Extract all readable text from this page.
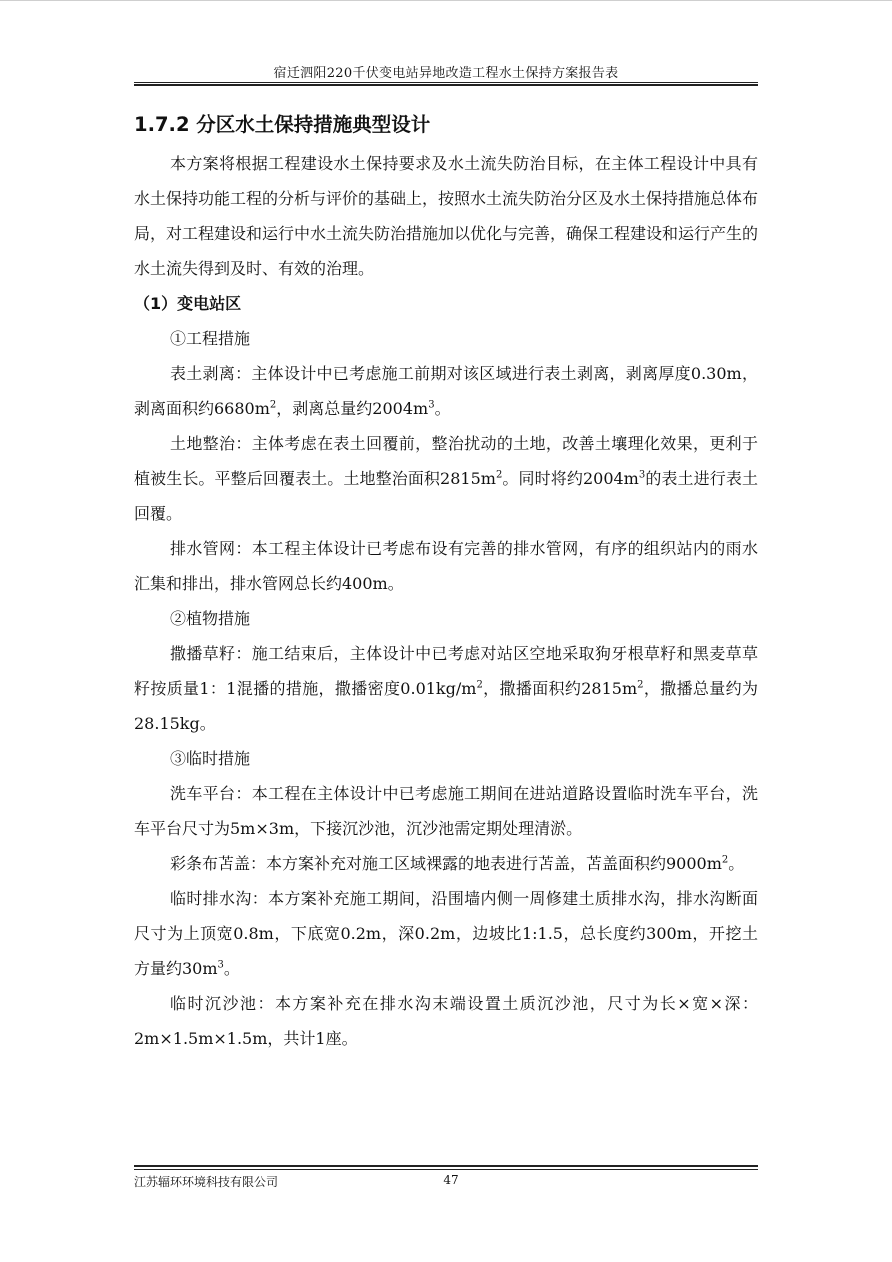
宿迁泗阳220千伏变电站异地改造工程水土保持方案报告表
1.7.2 分区水土保持措施典型设计

本方案将根据工程建设水土保持要求及水土流失防治目标，在主体工程设计中具有水土保持功能工程的分析与评价的基础上，按照水土流失防治分区及水土保持措施总体布局，对工程建设和运行中水土流失防治措施加以优化与完善，确保工程建设和运行产生的水土流失得到及时、有效的治理。

（1）变电站区

①工程措施

表土剥离：主体设计中已考虑施工前期对该区域进行表土剥离，剥离厚度0.30m，剥离面积约$6680m^2$，剥离总量约$2004m^3$。

土地整治：主体考虑在表土回覆前，整治扰动的土地，改善土壤理化效果，更利于植被生长。平整后回覆表土。土地整治面积$2815m^2$。同时将约$2004m^3$的表土进行表土回覆。

排水管网：本工程主体设计已考虑布设有完善的排水管网，有序的组织站内的雨水汇集和排出，排水管网总长约400m。

②植物措施

撒播草籽：施工结束后，主体设计中已考虑对站区空地采取狗牙根草籽和黑麦草草籽按质量1：1混播的措施，撒播密度$0.01kg/m^2$，撒播面积约$2815m^2$，撒播总量约为28.15kg。

③临时措施

洗车平台：本工程在主体设计中已考虑施工期间在进站道路设置临时洗车平台，洗车平台尺寸为5m×3m，下接沉沙池，沉沙池需定期处理清淤。

彩条布苫盖：本方案补充对施工区域裸露的地表进行苫盖，苫盖面积约$9000m^2$。

临时排水沟：本方案补充施工期间，沿围墙内侧一周修建土质排水沟，排水沟断面尺寸为上顶宽0.8m，下底宽0.2m，深0.2m，边坡比1:1.5，总长度约300m，开挖土方量约$30m^3$。

临时沉沙池：本方案补充在排水沟末端设置土质沉沙池，尺寸为长×宽×深：2m×1.5m×1.5m，共计1座。

江苏辐环环境科技有限公司	47
